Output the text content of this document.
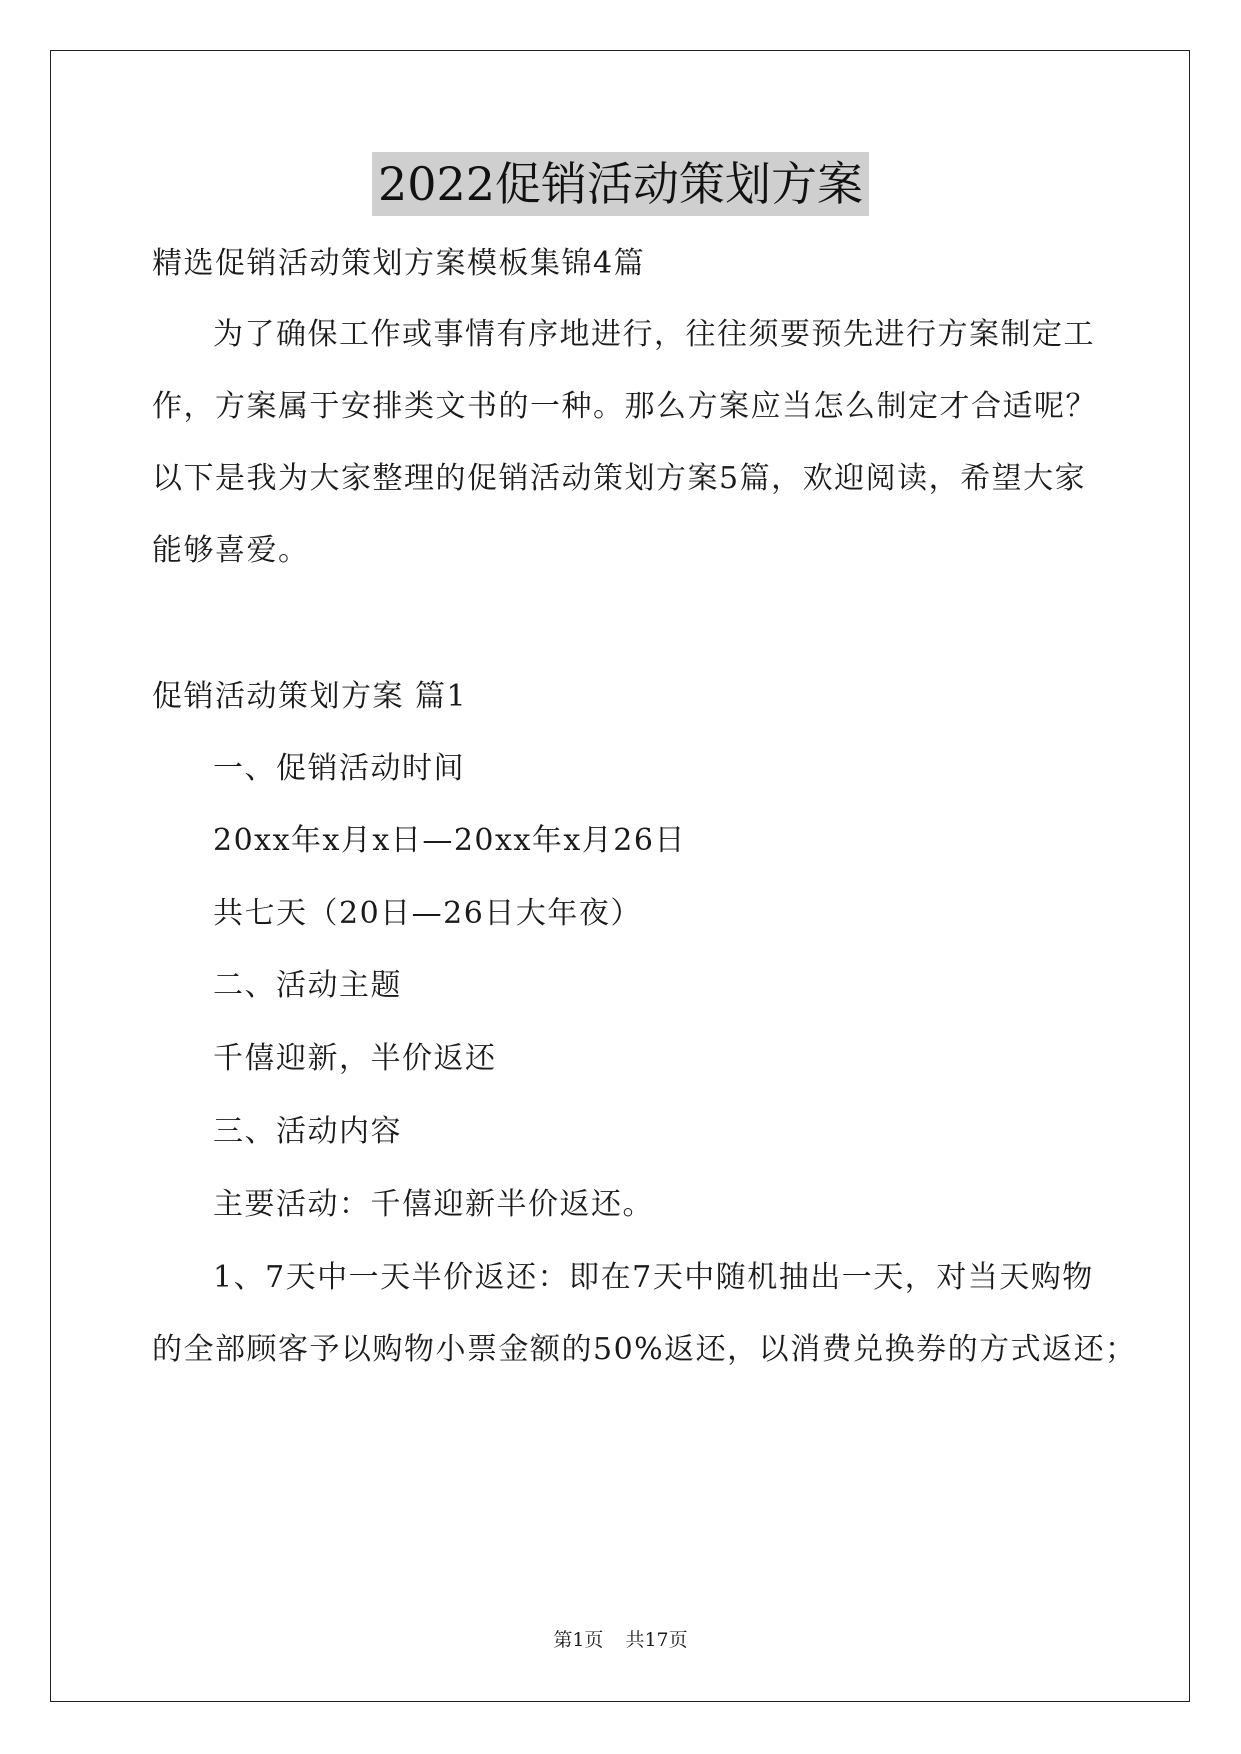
2022促销活动策划方案
精选促销活动策划方案模板集锦4篇
为了确保工作或事情有序地进行，往往须要预先进行方案制定工
作，方案属于安排类文书的一种。那么方案应当怎么制定才合适呢？
以下是我为大家整理的促销活动策划方案5篇，欢迎阅读，希望大家
能够喜爱。
促销活动策划方案 篇1
一、促销活动时间
20xx年x月x日—20xx年x月26日
共七天（20日—26日大年夜）
二、活动主题
千僖迎新，半价返还
三、活动内容
主要活动：千僖迎新半价返还。
1、7天中一天半价返还：即在7天中随机抽出一天，对当天购物
的全部顾客予以购物小票金额的50%返还，以消费兑换券的方式返还；
第1页 共17页
